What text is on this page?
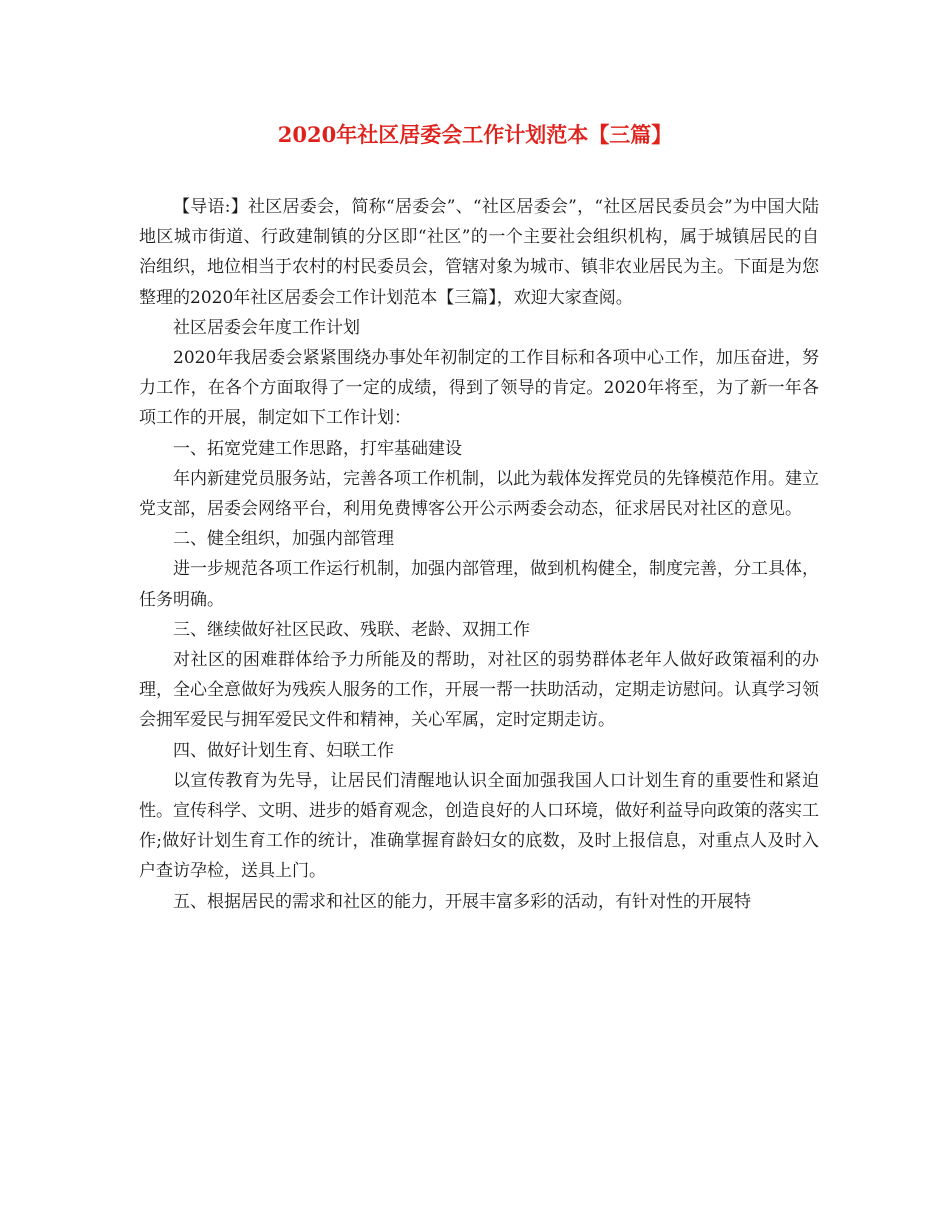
2020年社区居委会工作计划范本【三篇】

【导语:】社区居委会，简称“居委会”、“社区居委会”，“社区居民委员会”为中国大陆地区城市街道、行政建制镇的分区即“社区”的一个主要社会组织机构，属于城镇居民的自治组织，地位相当于农村的村民委员会，管辖对象为城市、镇非农业居民为主。下面是为您整理的2020年社区居委会工作计划范本【三篇】，欢迎大家查阅。

社区居委会年度工作计划

2020年我居委会紧紧围绕办事处年初制定的工作目标和各项中心工作，加压奋进，努力工作，在各个方面取得了一定的成绩，得到了领导的肯定。2020年将至，为了新一年各项工作的开展，制定如下工作计划：

一、拓宽党建工作思路，打牢基础建设

年内新建党员服务站，完善各项工作机制，以此为载体发挥党员的先锋模范作用。建立党支部，居委会网络平台，利用免费博客公开公示两委会动态，征求居民对社区的意见。

二、健全组织，加强内部管理

进一步规范各项工作运行机制，加强内部管理，做到机构健全，制度完善，分工具体，任务明确。

三、继续做好社区民政、残联、老龄、双拥工作

对社区的困难群体给予力所能及的帮助，对社区的弱势群体老年人做好政策福利的办理，全心全意做好为残疾人服务的工作，开展一帮一扶助活动，定期走访慰问。认真学习领会拥军爱民与拥军爱民文件和精神，关心军属，定时定期走访。

四、做好计划生育、妇联工作

以宣传教育为先导，让居民们清醒地认识全面加强我国人口计划生育的重要性和紧迫性。宣传科学、文明、进步的婚育观念，创造良好的人口环境，做好利益导向政策的落实工作;做好计划生育工作的统计，准确掌握育龄妇女的底数，及时上报信息，对重点人及时入户查访孕检，送具上门。

五、根据居民的需求和社区的能力，开展丰富多彩的活动，有针对性的开展特
